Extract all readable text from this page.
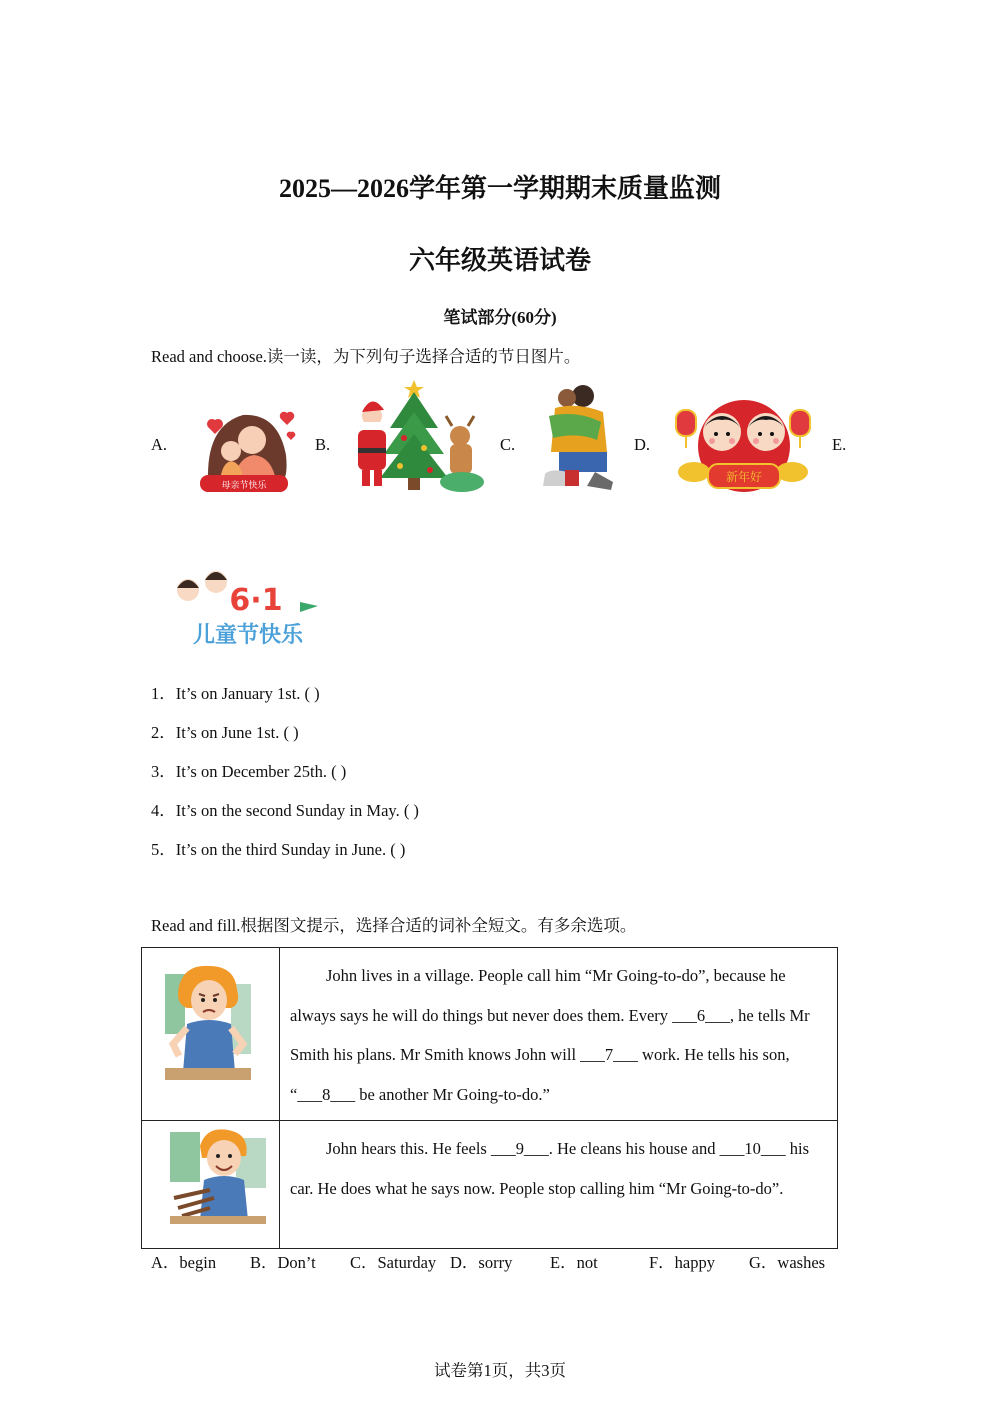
2025—2026学年第一学期期末质量监测
六年级英语试卷
笔试部分(60分)
Read and choose.读一读，为下列句子选择合适的节日图片。
A.	B.	C.	D.	E.
母亲节快乐
新年好
6·1
儿童节快乐
1．It’s on January 1st. ( )
2．It’s on June 1st. ( )
3．It’s on December 25th. ( )
4．It’s on the second Sunday in May. ( )
5．It’s on the third Sunday in June. ( )
Read and fill.根据图文提示，选择合适的词补全短文。有多余选项。
	John lives in a village. People call him “Mr Going-to-do”, because he always says he will do things but never does them. Every ___6___, he tells Mr Smith his plans. Mr Smith knows John will ___7___ work. He tells his son, “___8___ be another Mr Going-to-do.”

	John hears this. He feels ___9___. He cleans his house and ___10___ his car. He does what he says now. People stop calling him “Mr Going-to-do”.
A．begin B．Don’t C．Saturday D．sorry E．not	F．happy G．washes
试卷第1页，共3页
